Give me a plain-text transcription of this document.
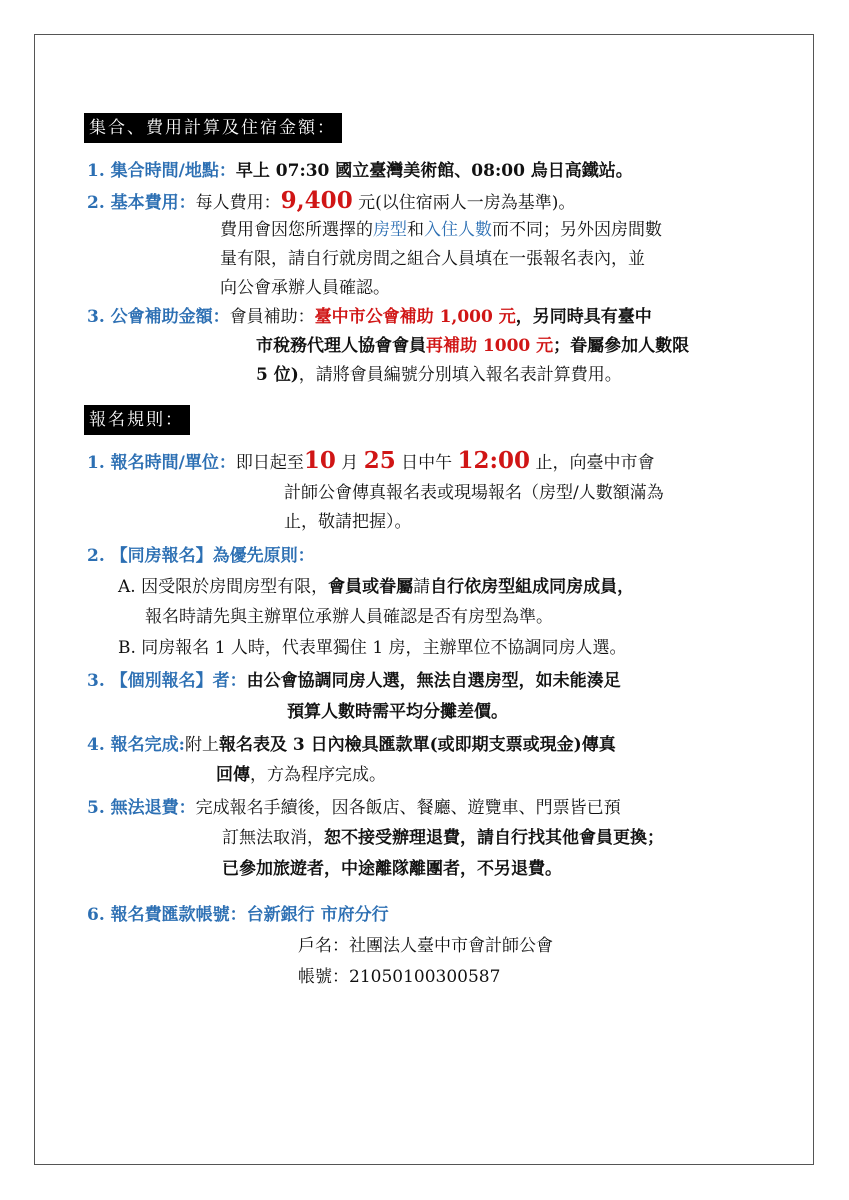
集合、費用計算及住宿金額：
1. 集合時間/地點：早上 07:30 國立臺灣美術館、08:00 烏日高鐵站。
2. 基本費用：每人費用：9,400 元(以住宿兩人一房為基準)。
費用會因您所選擇的房型和入住人數而不同；另外因房間數
量有限，請自行就房間之組合人員填在一張報名表內，並
向公會承辦人員確認。
3. 公會補助金額：會員補助：臺中市公會補助 1,000 元，另同時具有臺中
市稅務代理人協會會員再補助 1000 元；眷屬參加人數限
5 位)，請將會員編號分別填入報名表計算費用。
報名規則：
1. 報名時間/單位：即日起至10 月 25 日中午 12:00 止，向臺中市會
計師公會傳真報名表或現場報名（房型/人數額滿為
止，敬請把握）。
2. 【同房報名】為優先原則：
A. 因受限於房間房型有限，會員或眷屬請自行依房型組成同房成員，
報名時請先與主辦單位承辦人員確認是否有房型為準。
B. 同房報名 1 人時，代表單獨住 1 房，主辦單位不協調同房人選。
3. 【個別報名】者：由公會協調同房人選，無法自選房型，如未能湊足
預算人數時需平均分攤差價。
4. 報名完成:附上報名表及 3 日內檢具匯款單(或即期支票或現金)傳真
回傳，方為程序完成。
5. 無法退費：完成報名手續後，因各飯店、餐廳、遊覽車、門票皆已預
訂無法取消，恕不接受辦理退費，請自行找其他會員更換；
已參加旅遊者，中途離隊離團者，不另退費。
6. 報名費匯款帳號：台新銀行 市府分行
戶名：社團法人臺中市會計師公會
帳號：21050100300587
